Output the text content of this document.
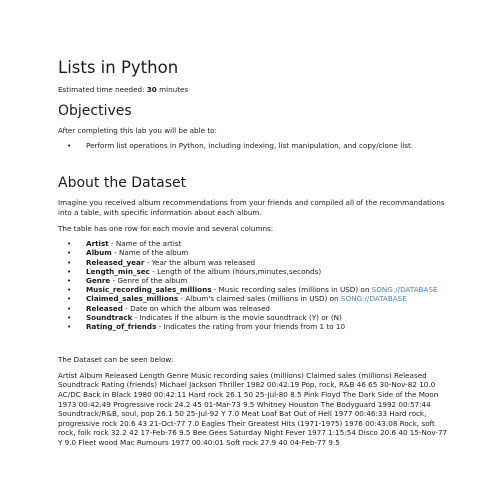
Lists in Python

Estimated time needed: 30 minutes

Objectives

After completing this lab you will be able to:

• Perform list operations in Python, including indexing, list manipulation, and copy/clone list.
About the Dataset

Imagine you received album recommendations from your friends and compiled all of the recommandations into a table, with specific information about each album.

The table has one row for each movie and several columns:

• Artist - Name of the artist
• Album - Name of the album
• Released_year - Year the album was released
• Length_min_sec - Length of the album (hours,minutes,seconds)
• Genre - Genre of the album
• Music_recording_sales_millions - Music recording sales (millions in USD) on SONG://DATABASE
• Claimed_sales_millions - Album's claimed sales (millions in USD) on SONG://DATABASE
• Released - Date on which the album was released
• Soundtrack - Indicates if the album is the movie soundtrack (Y) or (N)
• Rating_of_friends - Indicates the rating from your friends from 1 to 10

The Dataset can be seen below:

Artist Album Released Length Genre Music recording sales (millions) Claimed sales (millions) Released Soundtrack Rating (friends) Michael Jackson Thriller 1982 00:42:19 Pop, rock, R&B 46 65 30-Nov-82 10.0 AC/DC Back in Black 1980 00:42:11 Hard rock 26.1 50 25-Jul-80 8.5 Pink Floyd The Dark Side of the Moon 1973 00:42:49 Progressive rock 24.2 45 01-Mar-73 9.5 Whitney Houston The Bodyguard 1992 00:57:44 Soundtrack/R&B, soul, pop 26.1 50 25-Jul-92 Y 7.0 Meat Loaf Bat Out of Hell 1977 00:46:33 Hard rock, progressive rock 20.6 43 21-Oct-77 7.0 Eagles Their Greatest Hits (1971-1975) 1976 00:43:08 Rock, soft rock, folk rock 32.2 42 17-Feb-76 9.5 Bee Gees Saturday Night Fever 1977 1:15:54 Disco 20.6 40 15-Nov-77 Y 9.0 Fleet wood Mac Rumours 1977 00:40:01 Soft rock 27.9 40 04-Feb-77 9.5
